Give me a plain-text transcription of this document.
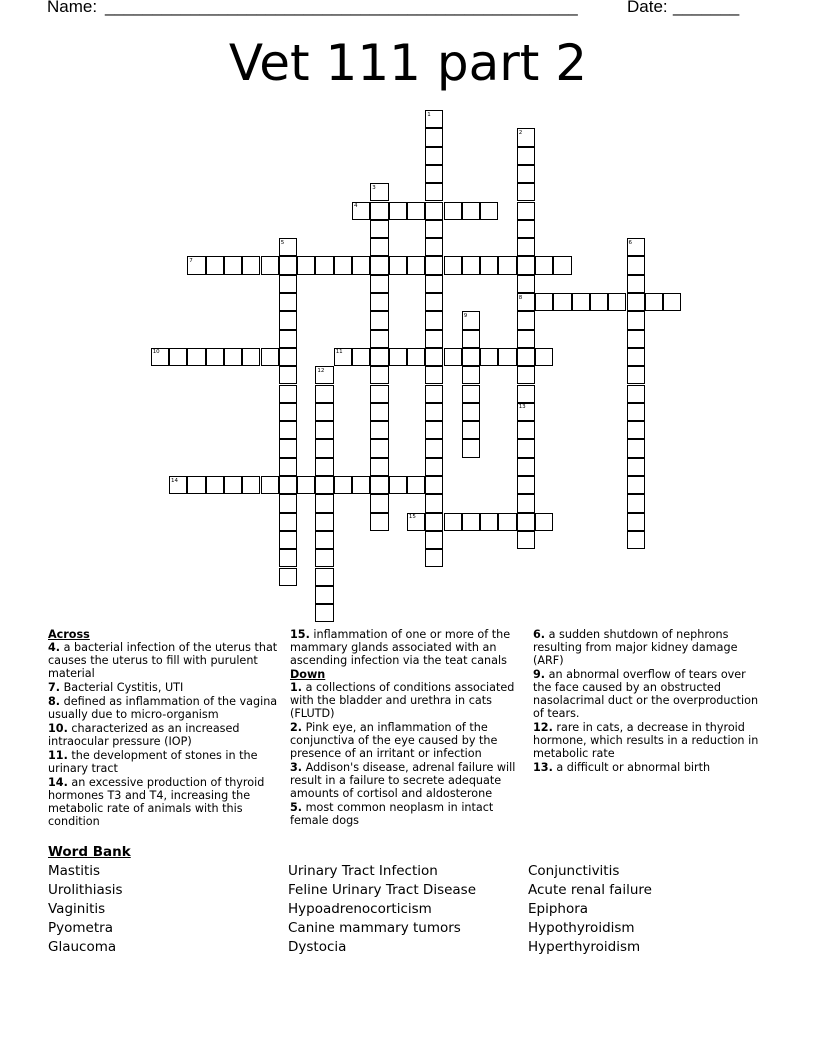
Name: __________________________________________________	Date: _______
Vet 111 part 2
1
2
3
4
5	6
7
8
9
10	11
12
13
14
15
Across
4. a bacterial infection of the uterus that causes the uterus to fill with purulent material
7. Bacterial Cystitis, UTI
8. defined as inflammation of the vagina usually due to micro-organism
10. characterized as an increased intraocular pressure (IOP)
11. the development of stones in the urinary tract
14. an excessive production of thyroid hormones T3 and T4, increasing the metabolic rate of animals with this condition
15. inflammation of one or more of the mammary glands associated with an ascending infection via the teat canals
Down
1. a collections of conditions associated with the bladder and urethra in cats (FLUTD)
2. Pink eye, an inflammation of the conjunctiva of the eye caused by the presence of an irritant or infection
3. Addison's disease, adrenal failure will result in a failure to secrete adequate amounts of cortisol and aldosterone
5. most common neoplasm in intact female dogs
6. a sudden shutdown of nephrons resulting from major kidney damage (ARF)
9. an abnormal overflow of tears over the face caused by an obstructed nasolacrimal duct or the overproduction of tears.
12. rare in cats, a decrease in thyroid hormone, which results in a reduction in metabolic rate
13. a difficult or abnormal birth
Word Bank
Mastitis
Urolithiasis
Vaginitis
Pyometra
Glaucoma
Urinary Tract Infection
Feline Urinary Tract Disease
Hypoadrenocorticism
Canine mammary tumors
Dystocia
Conjunctivitis
Acute renal failure
Epiphora
Hypothyroidism
Hyperthyroidism
